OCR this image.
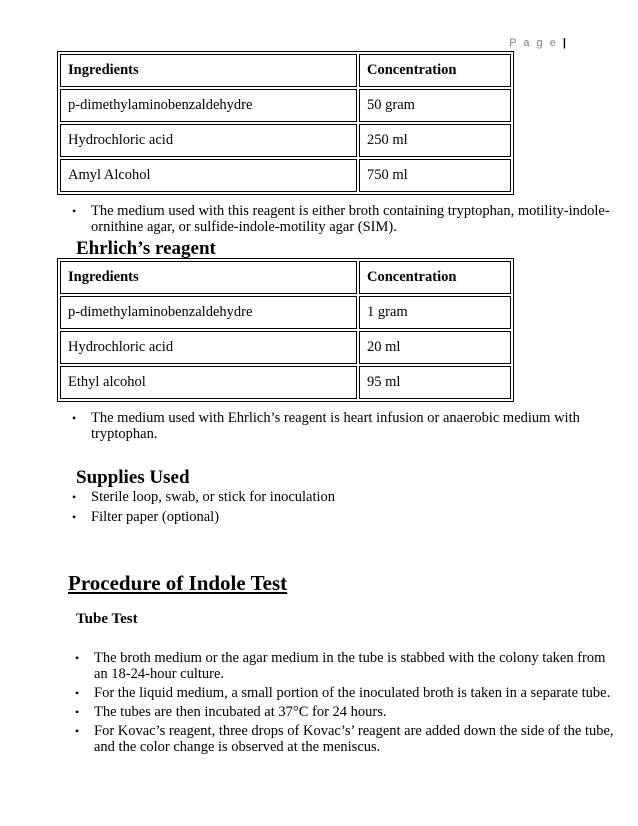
P a g e |
Ingredients	Concentration
p-dimethylaminobenzaldehydre	50 gram
Hydrochloric acid	250 ml
Amyl Alcohol	750 ml
• The medium used with this reagent is either broth containing tryptophan, motility-indole-ornithine agar, or sulfide-indole-motility agar (SIM).
Ehrlich’s reagent
Ingredients	Concentration
p-dimethylaminobenzaldehydre	1 gram
Hydrochloric acid	20 ml
Ethyl alcohol	95 ml
• The medium used with Ehrlich’s reagent is heart infusion or anaerobic medium with tryptophan.
Supplies Used
• Sterile loop, swab, or stick for inoculation
• Filter paper (optional)
Procedure of Indole Test
Tube Test
• The broth medium or the agar medium in the tube is stabbed with the colony taken from an 18-24-hour culture.
• For the liquid medium, a small portion of the inoculated broth is taken in a separate tube.
• The tubes are then incubated at 37°C for 24 hours.
• For Kovac’s reagent, three drops of Kovac’s’ reagent are added down the side of the tube, and the color change is observed at the meniscus.
